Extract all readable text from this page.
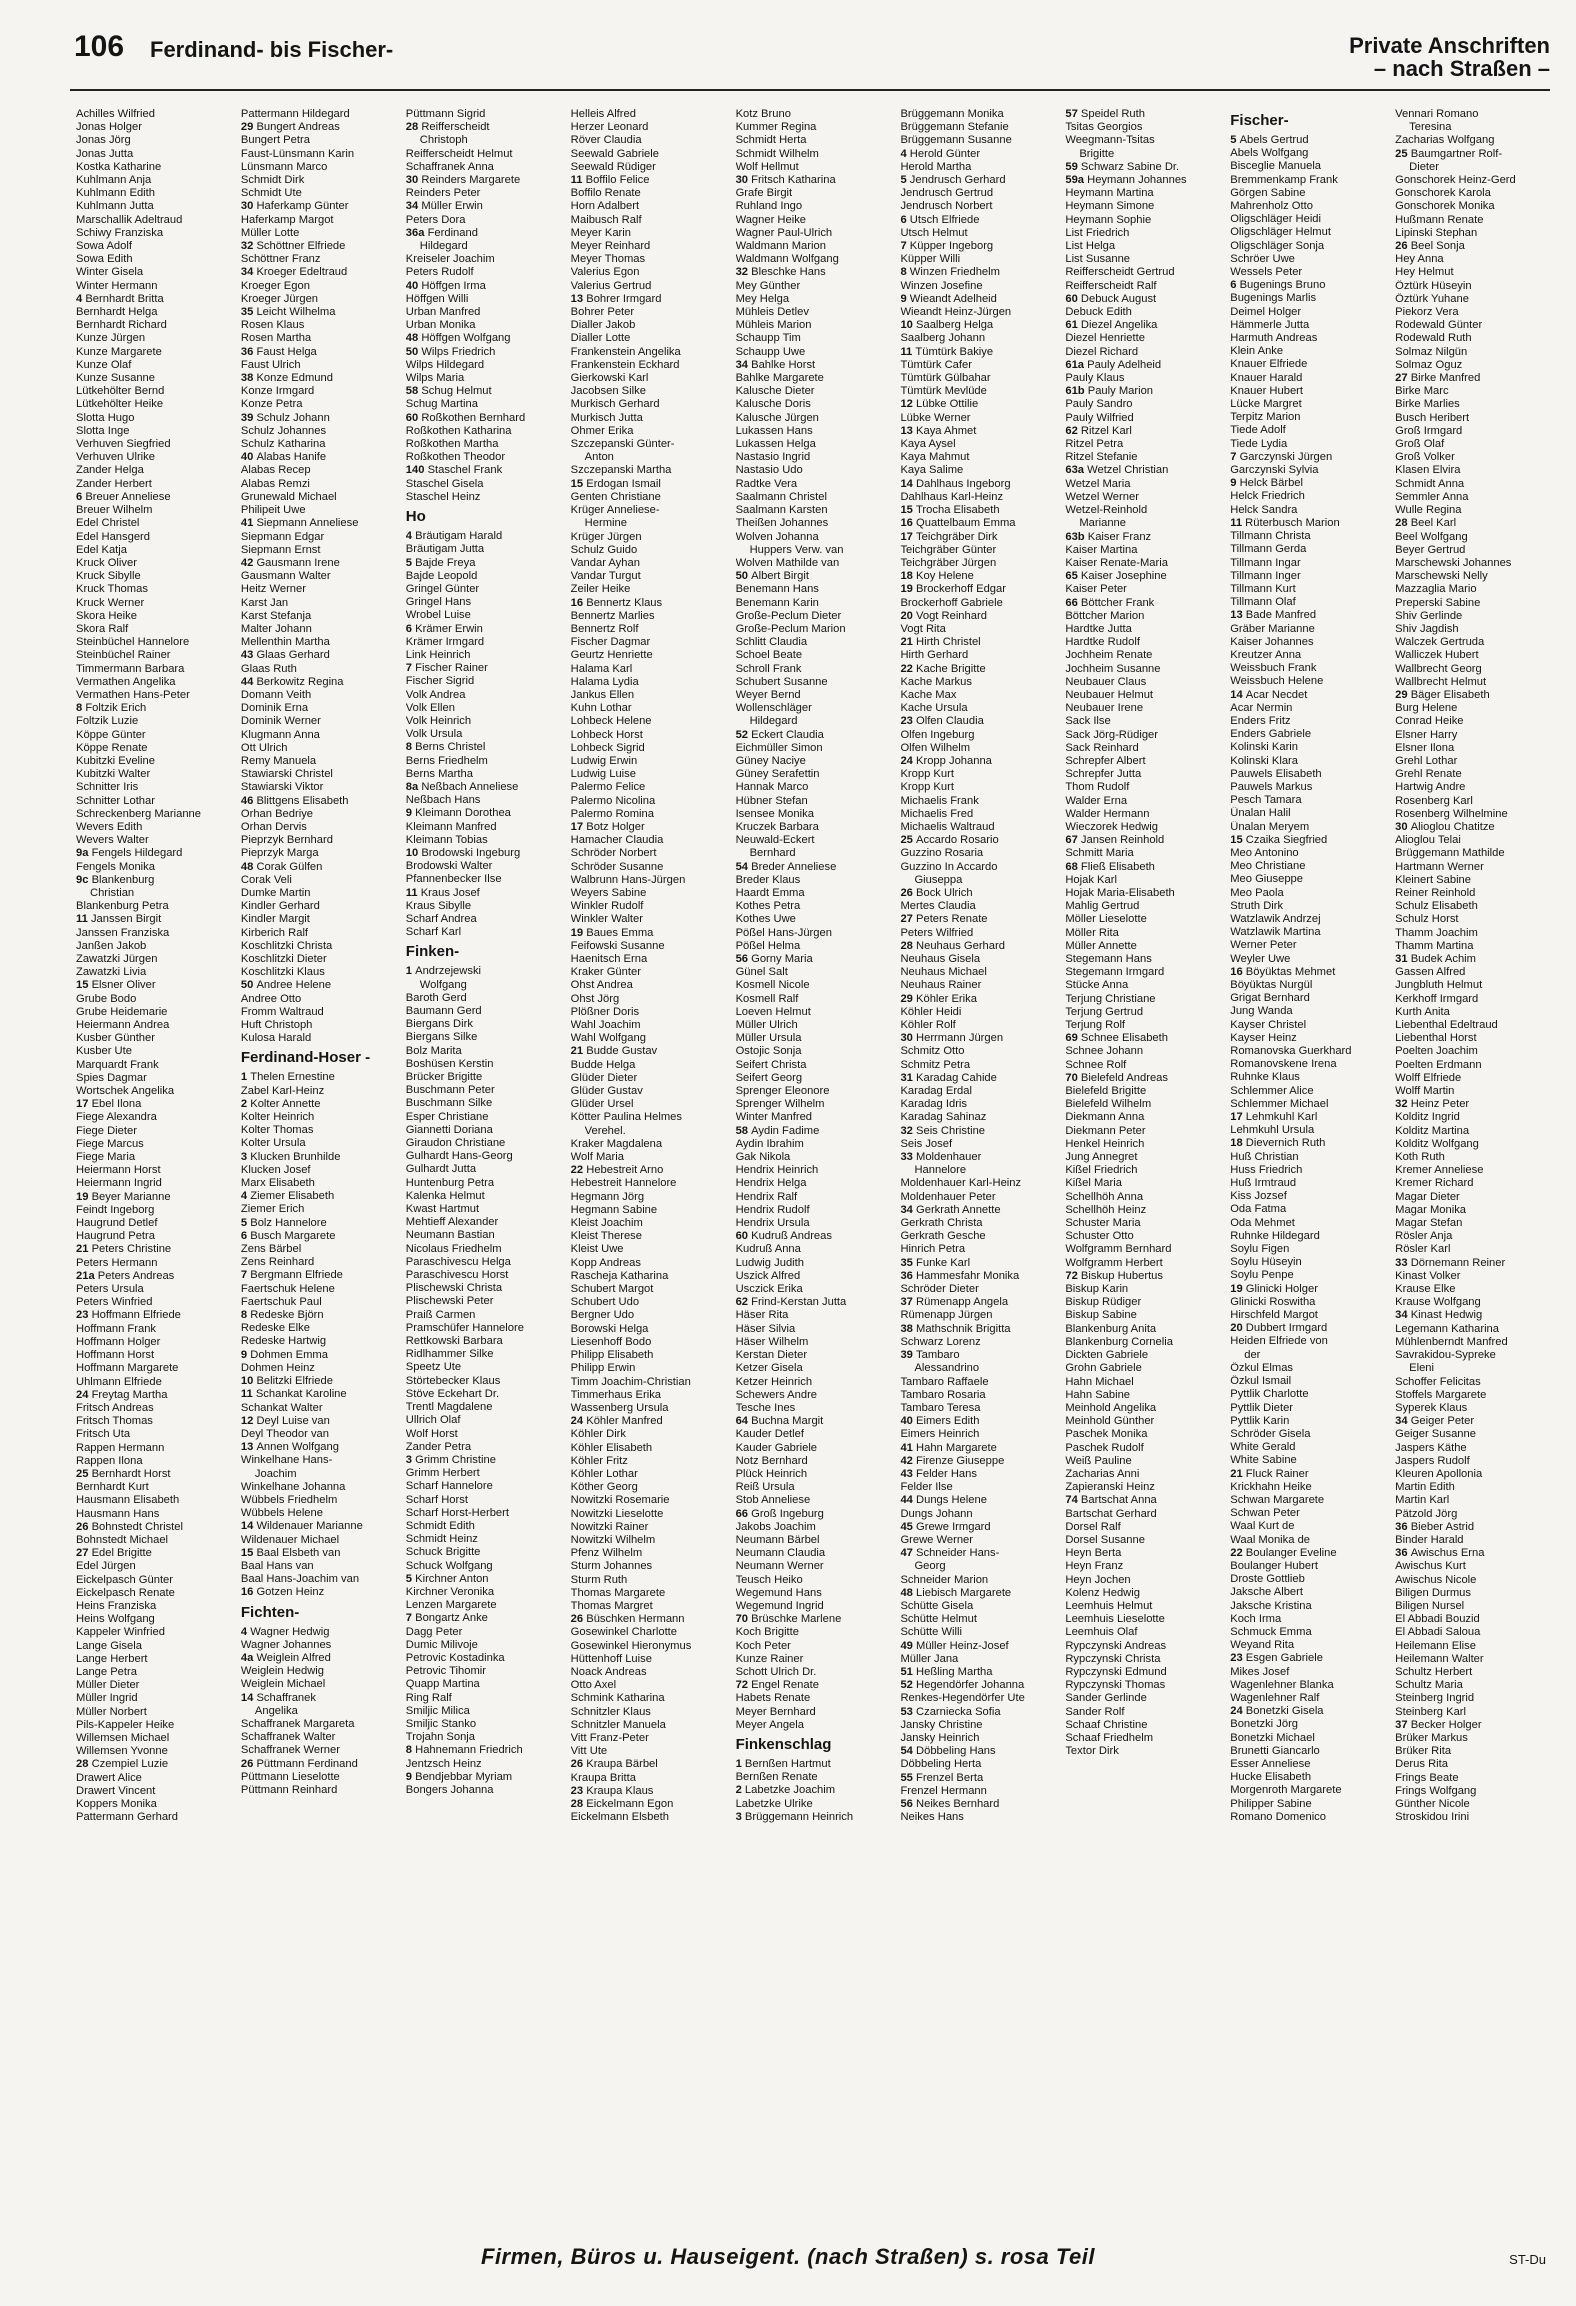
106 Ferdinand- bis Fischer-	Private Anschriften
– nach Straßen –
Achilles Wilfried
Jonas Holger
Jonas Jörg
Jonas Jutta
Kostka Katharine
Kuhlmann Anja
Kuhlmann Edith
Kuhlmann Jutta
Marschallik Adeltraud
Schiwy Franziska
Sowa Adolf
Sowa Edith
Winter Gisela
Winter Hermann
4 Bernhardt Britta
Bernhardt Helga
Bernhardt Richard
Kunze Jürgen
Kunze Margarete
Kunze Olaf
Kunze Susanne
Lütkehölter Bernd
Lütkehölter Heike
Slotta Hugo
Slotta Inge
Verhuven Siegfried
Verhuven Ulrike
Zander Helga
Zander Herbert
6 Breuer Anneliese
Breuer Wilhelm
Edel Christel
Edel Hansgerd
Edel Katja
Kruck Oliver
Kruck Sibylle
Kruck Thomas
Kruck Werner
Skora Heike
Skora Ralf
Steinbüchel Hannelore
Steinbüchel Rainer
Timmermann Barbara
Vermathen Angelika
Vermathen Hans-Peter
8 Foltzik Erich
Foltzik Luzie
Köppe Günter
Köppe Renate
Kubitzki Eveline
Kubitzki Walter
Schnitter Iris
Schnitter Lothar
Schreckenberg Marianne
Wevers Edith
Wevers Walter
9a Fengels Hildegard
Fengels Monika
9c Blankenburg
Christian
Blankenburg Petra
11 Janssen Birgit
Janssen Franziska
Janßen Jakob
Zawatzki Jürgen
Zawatzki Livia
15 Elsner Oliver
Grube Bodo
Grube Heidemarie
Heiermann Andrea
Kusber Günther
Kusber Ute
Marquardt Frank
Spies Dagmar
Wortschek Angelika
17 Ebel Ilona
Fiege Alexandra
Fiege Dieter
Fiege Marcus
Fiege Maria
Heiermann Horst
Heiermann Ingrid
19 Beyer Marianne
Feindt Ingeborg
Haugrund Detlef
Haugrund Petra
21 Peters Christine
Peters Hermann
21a Peters Andreas
Peters Ursula
Peters Winfried
23 Hoffmann Elfriede
Hoffmann Frank
Hoffmann Holger
Hoffmann Horst
Hoffmann Margarete
Uhlmann Elfriede
24 Freytag Martha
Fritsch Andreas
Fritsch Thomas
Fritsch Uta
Rappen Hermann
Rappen Ilona
25 Bernhardt Horst
Bernhardt Kurt
Hausmann Elisabeth
Hausmann Hans
26 Bohnstedt Christel
Bohnstedt Michael
27 Edel Brigitte
Edel Jürgen
Eickelpasch Günter
Eickelpasch Renate
Heins Franziska
Heins Wolfgang
Kappeler Winfried
Lange Gisela
Lange Herbert
Lange Petra
Müller Dieter
Müller Ingrid
Müller Norbert
Pils-Kappeler Heike
Willemsen Michael
Willemsen Yvonne
28 Czempiel Luzie
Drawert Alice
Drawert Vincent
Koppers Monika
Pattermann Gerhard
Pattermann Hildegard
29 Bungert Andreas
Bungert Petra
Faust-Lünsmann Karin
Lünsmann Marco
Schmidt Dirk
Schmidt Ute
30 Haferkamp Günter
Haferkamp Margot
Müller Lotte
32 Schöttner Elfriede
Schöttner Franz
34 Kroeger Edeltraud
Kroeger Egon
Kroeger Jürgen
35 Leicht Wilhelma
Rosen Klaus
Rosen Martha
36 Faust Helga
Faust Ulrich
38 Konze Edmund
Konze Irmgard
Konze Petra
39 Schulz Johann
Schulz Johannes
Schulz Katharina
40 Alabas Hanife
Alabas Recep
Alabas Remzi
Grunewald Michael
Philipeit Uwe
41 Siepmann Anneliese
Siepmann Edgar
Siepmann Ernst
42 Gausmann Irene
Gausmann Walter
Heitz Werner
Karst Jan
Karst Stefanja
Malter Johann
Mellenthin Martha
43 Glaas Gerhard
Glaas Ruth
44 Berkowitz Regina
Domann Veith
Dominik Erna
Dominik Werner
Klugmann Anna
Ott Ulrich
Remy Manuela
Stawiarski Christel
Stawiarski Viktor
46 Blittgens Elisabeth
Orhan Bedriye
Orhan Dervis
Pieprzyk Bernhard
Pieprzyk Marga
48 Corak Gülfen
Corak Veli
Dumke Martin
Kindler Gerhard
Kindler Margit
Kirberich Ralf
Koschlitzki Christa
Koschlitzki Dieter
Koschlitzki Klaus
50 Andree Helene
Andree Otto
Fromm Waltraud
Huft Christoph
Kulosa Harald
Ferdinand-Hoser -
1 Thelen Ernestine
Zabel Karl-Heinz
2 Kolter Annette
Kolter Heinrich
Kolter Thomas
Kolter Ursula
3 Klucken Brunhilde
Klucken Josef
Marx Elisabeth
4 Ziemer Elisabeth
Ziemer Erich
5 Bolz Hannelore
6 Busch Margarete
Zens Bärbel
Zens Reinhard
7 Bergmann Elfriede
Faertschuk Helene
Faertschuk Paul
8 Redeske Björn
Redeske Elke
Redeske Hartwig
9 Dohmen Emma
Dohmen Heinz
10 Belitzki Elfriede
11 Schankat Karoline
Schankat Walter
12 Deyl Luise van
Deyl Theodor van
13 Annen Wolfgang
Winkelhane Hans-
Joachim
Winkelhane Johanna
Wübbels Friedhelm
Wübbels Helene
14 Wildenauer Marianne
Wildenauer Michael
15 Baal Elsbeth van
Baal Hans van
Baal Hans-Joachim van
16 Gotzen Heinz
Fichten-
4 Wagner Hedwig
Wagner Johannes
4a Weiglein Alfred
Weiglein Hedwig
Weiglein Michael
14 Schaffranek
Angelika
Schaffranek Margareta
Schaffranek Walter
Schaffranek Werner
26 Püttmann Ferdinand
Püttmann Lieselotte
Püttmann Reinhard
Püttmann Sigrid
28 Reifferscheidt
Christoph
Reifferscheidt Helmut
Schaffranek Anna
30 Reinders Margarete
Reinders Peter
34 Müller Erwin
Peters Dora
36a Ferdinand
Hildegard
Kreiseler Joachim
Peters Rudolf
40 Höffgen Irma
Höffgen Willi
Urban Manfred
Urban Monika
48 Höffgen Wolfgang
50 Wilps Friedrich
Wilps Hildegard
Wilps Maria
58 Schug Helmut
Schug Martina
60 Roßkothen Bernhard
Roßkothen Katharina
Roßkothen Martha
Roßkothen Theodor
140 Staschel Frank
Staschel Gisela
Staschel Heinz
Ho
4 Bräutigam Harald
Bräutigam Jutta
5 Bajde Freya
Bajde Leopold
Gringel Günter
Gringel Hans
Wrobel Luise
6 Krämer Erwin
Krämer Irmgard
Link Heinrich
7 Fischer Rainer
Fischer Sigrid
Volk Andrea
Volk Ellen
Volk Heinrich
Volk Ursula
8 Berns Christel
Berns Friedhelm
Berns Martha
8a Neßbach Anneliese
Neßbach Hans
9 Kleimann Dorothea
Kleimann Manfred
Kleimann Tobias
10 Brodowski Ingeburg
Brodowski Walter
Pfannenbecker Ilse
11 Kraus Josef
Kraus Sibylle
Scharf Andrea
Scharf Karl
Finken-
1 Andrzejewski
Wolfgang
Baroth Gerd
Baumann Gerd
Biergans Dirk
Biergans Silke
Bolz Marita
Boshüsen Kerstin
Brücker Brigitte
Buschmann Peter
Buschmann Silke
Esper Christiane
Giannetti Doriana
Giraudon Christiane
Gulhardt Hans-Georg
Gulhardt Jutta
Huntenburg Petra
Kalenka Helmut
Kwast Hartmut
Mehtieff Alexander
Neumann Bastian
Nicolaus Friedhelm
Paraschivescu Helga
Paraschivescu Horst
Plischewski Christa
Plischewski Peter
Praiß Carmen
Pramschüfer Hannelore
Rettkowski Barbara
Ridlhammer Silke
Speetz Ute
Störtebecker Klaus
Stöve Eckehart Dr.
Trentl Magdalene
Ullrich Olaf
Wolf Horst
Zander Petra
3 Grimm Christine
Grimm Herbert
Scharf Hannelore
Scharf Horst
Scharf Horst-Herbert
Schmidt Edith
Schmidt Heinz
Schuck Brigitte
Schuck Wolfgang
5 Kirchner Anton
Kirchner Veronika
Lenzen Margarete
7 Bongartz Anke
Dagg Peter
Dumic Milivoje
Petrovic Kostadinka
Petrovic Tihomir
Quapp Martina
Ring Ralf
Smiljic Milica
Smiljic Stanko
Trojahn Sonja
8 Hahnemann Friedrich
Jentzsch Heinz
9 Bendjebbar Myriam
Bongers Johanna
Helleis Alfred
Herzer Leonard
Röver Claudia
Seewald Gabriele
Seewald Rüdiger
11 Boffilo Felice
Boffilo Renate
Horn Adalbert
Maibusch Ralf
Meyer Karin
Meyer Reinhard
Meyer Thomas
Valerius Egon
Valerius Gertrud
13 Bohrer Irmgard
Bohrer Peter
Dialler Jakob
Dialler Lotte
Frankenstein Angelika
Frankenstein Eckhard
Gierkowski Karl
Jacobsen Silke
Murkisch Gerhard
Murkisch Jutta
Ohmer Erika
Szczepanski Günter-
Anton
Szczepanski Martha
15 Erdogan Ismail
Genten Christiane
Krüger Anneliese-
Hermine
Krüger Jürgen
Schulz Guido
Vandar Ayhan
Vandar Turgut
Zeiler Heike
16 Bennertz Klaus
Bennertz Marlies
Bennertz Rolf
Fischer Dagmar
Geurtz Henriette
Halama Karl
Halama Lydia
Jankus Ellen
Kuhn Lothar
Lohbeck Helene
Lohbeck Horst
Lohbeck Sigrid
Ludwig Erwin
Ludwig Luise
Palermo Felice
Palermo Nicolina
Palermo Romina
17 Botz Holger
Hamacher Claudia
Schröder Norbert
Schröder Susanne
Walbrunn Hans-Jürgen
Weyers Sabine
Winkler Rudolf
Winkler Walter
19 Baues Emma
Feifowski Susanne
Haenitsch Erna
Kraker Günter
Ohst Andrea
Ohst Jörg
Plößner Doris
Wahl Joachim
Wahl Wolfgang
21 Budde Gustav
Budde Helga
Glüder Dieter
Glüder Gustav
Glüder Ursel
Kötter Paulina Helmes
Verehel.
Kraker Magdalena
Wolf Maria
22 Hebestreit Arno
Hebestreit Hannelore
Hegmann Jörg
Hegmann Sabine
Kleist Joachim
Kleist Therese
Kleist Uwe
Kopp Andreas
Rascheja Katharina
Schubert Margot
Schubert Udo
Bergner Udo
Borowski Helga
Liesenhoff Bodo
Philipp Elisabeth
Philipp Erwin
Timm Joachim-Christian
Timmerhaus Erika
Wassenberg Ursula
24 Köhler Manfred
Köhler Dirk
Köhler Elisabeth
Köhler Fritz
Köhler Lothar
Köther Georg
Nowitzki Rosemarie
Nowitzki Lieselotte
Nowitzki Rainer
Nowitzki Wilhelm
Pfenz Wilhelm
Sturm Johannes
Sturm Ruth
Thomas Margarete
Thomas Margret
26 Büschken Hermann
Gosewinkel Charlotte
Gosewinkel Hieronymus
Hüttenhoff Luise
Noack Andreas
Otto Axel
Schmink Katharina
Schnitzler Klaus
Schnitzler Manuela
Vitt Franz-Peter
Vitt Ute
26 Kraupa Bärbel
Kraupa Britta
23 Kraupa Klaus
28 Eickelmann Egon
Eickelmann Elsbeth
Kotz Bruno
Kummer Regina
Schmidt Herta
Schmidt Wilhelm
Wolf Hellmut
30 Fritsch Katharina
Grafe Birgit
Ruhland Ingo
Wagner Heike
Wagner Paul-Ulrich
Waldmann Marion
Waldmann Wolfgang
32 Bleschke Hans
Mey Günther
Mey Helga
Mühleis Detlev
Mühleis Marion
Schaupp Tim
Schaupp Uwe
34 Bahlke Horst
Bahlke Margarete
Kalusche Dieter
Kalusche Doris
Kalusche Jürgen
Lukassen Hans
Lukassen Helga
Nastasio Ingrid
Nastasio Udo
Radtke Vera
Saalmann Christel
Saalmann Karsten
Theißen Johannes
Wolven Johanna
Huppers Verw. van
Wolven Mathilde van
50 Albert Birgit
Benemann Hans
Benemann Karin
Große-Peclum Dieter
Große-Peclum Marion
Schlitt Claudia
Schoel Beate
Schroll Frank
Schubert Susanne
Weyer Bernd
Wollenschläger
Hildegard
52 Eckert Claudia
Eichmüller Simon
Güney Naciye
Güney Serafettin
Hannak Marco
Hübner Stefan
Isensee Monika
Kruczek Barbara
Neuwald-Eckert
Bernhard
54 Breder Anneliese
Breder Klaus
Haardt Emma
Kothes Petra
Kothes Uwe
Pößel Hans-Jürgen
Pößel Helma
56 Gorny Maria
Günel Salt
Kosmell Nicole
Kosmell Ralf
Loeven Helmut
Müller Ulrich
Müller Ursula
Ostojic Sonja
Seifert Christa
Seifert Georg
Sprenger Eleonore
Sprenger Wilhelm
Winter Manfred
58 Aydin Fadime
Aydin Ibrahim
Gak Nikola
Hendrix Heinrich
Hendrix Helga
Hendrix Ralf
Hendrix Rudolf
Hendrix Ursula
60 Kudruß Andreas
Kudruß Anna
Ludwig Judith
Uszick Alfred
Usczick Erika
62 Frind-Kerstan Jutta
Häser Rita
Häser Silvia
Häser Wilhelm
Kerstan Dieter
Ketzer Gisela
Ketzer Heinrich
Schewers Andre
Tesche Ines
64 Buchna Margit
Kauder Detlef
Kauder Gabriele
Notz Bernhard
Plück Heinrich
Reiß Ursula
Stob Anneliese
66 Groß Ingeburg
Jakobs Joachim
Neumann Bärbel
Neumann Claudia
Neumann Werner
Teusch Heiko
Wegemund Hans
Wegemund Ingrid
70 Brüschke Marlene
Koch Brigitte
Koch Peter
Kunze Rainer
Schott Ulrich Dr.
72 Engel Renate
Habets Renate
Meyer Bernhard
Meyer Angela
Finkenschlag
1 Bernßen Hartmut
Bernßen Renate
2 Labetzke Joachim
Labetzke Ulrike
3 Brüggemann Heinrich
Brüggemann Monika
Brüggemann Stefanie
Brüggemann Susanne
4 Herold Günter
Herold Martha
5 Jendrusch Gerhard
Jendrusch Gertrud
Jendrusch Norbert
6 Utsch Elfriede
Utsch Helmut
7 Küpper Ingeborg
Küpper Willi
8 Winzen Friedhelm
Winzen Josefine
9 Wieandt Adelheid
Wieandt Heinz-Jürgen
10 Saalberg Helga
Saalberg Johann
11 Tümtürk Bakiye
Tümtürk Cafer
Tümtürk Gülbahar
Tümtürk Mevlüde
12 Lübke Ottilie
Lübke Werner
13 Kaya Ahmet
Kaya Aysel
Kaya Mahmut
Kaya Salime
14 Dahlhaus Ingeborg
Dahlhaus Karl-Heinz
15 Trocha Elisabeth
16 Quattelbaum Emma
17 Teichgräber Dirk
Teichgräber Günter
Teichgräber Jürgen
18 Koy Helene
19 Brockerhoff Edgar
Brockerhoff Gabriele
20 Vogt Reinhard
Vogt Rita
21 Hirth Christel
Hirth Gerhard
22 Kache Brigitte
Kache Markus
Kache Max
Kache Ursula
23 Olfen Claudia
Olfen Ingeburg
Olfen Wilhelm
24 Kropp Johanna
Kropp Kurt
Kropp Kurt
Michaelis Frank
Michaelis Fred
Michaelis Waltraud
25 Accardo Rosario
Guzzino Rosaria
Guzzino In Accardo
Giuseppa
26 Bock Ulrich
Mertes Claudia
27 Peters Renate
Peters Wilfried
28 Neuhaus Gerhard
Neuhaus Gisela
Neuhaus Michael
Neuhaus Rainer
29 Köhler Erika
Köhler Heidi
Köhler Rolf
30 Herrmann Jürgen
Schmitz Otto
Schmitz Petra
31 Karadag Cahide
Karadag Erdal
Karadag Idris
Karadag Sahinaz
32 Seis Christine
Seis Josef
33 Moldenhauer
Hannelore
Moldenhauer Karl-Heinz
Moldenhauer Peter
34 Gerkrath Annette
Gerkrath Christa
Gerkrath Gesche
Hinrich Petra
35 Funke Karl
36 Hammesfahr Monika
Schröder Dieter
37 Rümenapp Angela
Rümenapp Jürgen
38 Mathschnik Brigitta
Schwarz Lorenz
39 Tambaro
Alessandrino
Tambaro Raffaele
Tambaro Rosaria
Tambaro Teresa
40 Eimers Edith
Eimers Heinrich
41 Hahn Margarete
42 Firenze Giuseppe
43 Felder Hans
Felder Ilse
44 Dungs Helene
Dungs Johann
45 Grewe Irmgard
Grewe Werner
47 Schneider Hans-
Georg
Schneider Marion
48 Liebisch Margarete
Schütte Gisela
Schütte Helmut
Schütte Willi
49 Müller Heinz-Josef
Müller Jana
51 Heßling Martha
52 Hegendörfer Johanna
Renkes-Hegendörfer Ute
53 Czarniecka Sofia
Jansky Christine
Jansky Heinrich
54 Döbbeling Hans
Döbbeling Herta
55 Frenzel Berta
Frenzel Hermann
56 Neikes Bernhard
Neikes Hans
57 Speidel Ruth
Tsitas Georgios
Weegmann-Tsitas
Brigitte
59 Schwarz Sabine Dr.
59a Heymann Johannes
Heymann Martina
Heymann Simone
Heymann Sophie
List Friedrich
List Helga
List Susanne
Reifferscheidt Gertrud
Reifferscheidt Ralf
60 Debuck August
Debuck Edith
61 Diezel Angelika
Diezel Henriette
Diezel Richard
61a Pauly Adelheid
Pauly Klaus
61b Pauly Marion
Pauly Sandro
Pauly Wilfried
62 Ritzel Karl
Ritzel Petra
Ritzel Stefanie
63a Wetzel Christian
Wetzel Maria
Wetzel Werner
Wetzel-Reinhold
Marianne
63b Kaiser Franz
Kaiser Martina
Kaiser Renate-Maria
65 Kaiser Josephine
Kaiser Peter
66 Böttcher Frank
Böttcher Marion
Hardtke Jutta
Hardtke Rudolf
Jochheim Renate
Jochheim Susanne
Neubauer Claus
Neubauer Helmut
Neubauer Irene
Sack Ilse
Sack Jörg-Rüdiger
Sack Reinhard
Schrepfer Albert
Schrepfer Jutta
Thom Rudolf
Walder Erna
Walder Hermann
Wieczorek Hedwig
67 Jansen Reinhold
Schmitt Maria
68 Fließ Elisabeth
Hojak Karl
Hojak Maria-Elisabeth
Mahlig Gertrud
Möller Lieselotte
Möller Rita
Müller Annette
Stegemann Hans
Stegemann Irmgard
Stücke Anna
Terjung Christiane
Terjung Gertrud
Terjung Rolf
69 Schnee Elisabeth
Schnee Johann
Schnee Rolf
70 Bielefeld Andreas
Bielefeld Brigitte
Bielefeld Wilhelm
Diekmann Anna
Diekmann Peter
Henkel Heinrich
Jung Annegret
Kißel Friedrich
Kißel Maria
Schellhöh Anna
Schellhöh Heinz
Schuster Maria
Schuster Otto
Wolfgramm Bernhard
Wolfgramm Herbert
72 Biskup Hubertus
Biskup Karin
Biskup Rüdiger
Biskup Sabine
Blankenburg Anita
Blankenburg Cornelia
Dickten Gabriele
Grohn Gabriele
Hahn Michael
Hahn Sabine
Meinhold Angelika
Meinhold Günther
Paschek Monika
Paschek Rudolf
Weiß Pauline
Zacharias Anni
Zapieranski Heinz
74 Bartschat Anna
Bartschat Gerhard
Dorsel Ralf
Dorsel Susanne
Heyn Berta
Heyn Franz
Heyn Jochen
Kolenz Hedwig
Leemhuis Helmut
Leemhuis Lieselotte
Leemhuis Olaf
Rypczynski Andreas
Rypczynski Christa
Rypczynski Edmund
Rypczynski Thomas
Sander Gerlinde
Sander Rolf
Schaaf Christine
Schaaf Friedhelm
Textor Dirk
Fischer-
5 Abels Gertrud
Abels Wolfgang
Bisceglie Manuela
Bremmenkamp Frank
Görgen Sabine
Mahrenholz Otto
Oligschläger Heidi
Oligschläger Helmut
Oligschläger Sonja
Schröer Uwe
Wessels Peter
6 Bugenings Bruno
Bugenings Marlis
Deimel Holger
Hämmerle Jutta
Harmuth Andreas
Klein Anke
Knauer Elfriede
Knauer Harald
Knauer Hubert
Lücke Margret
Terpitz Marion
Tiede Adolf
Tiede Lydia
7 Garczynski Jürgen
Garczynski Sylvia
9 Helck Bärbel
Helck Friedrich
Helck Sandra
11 Rüterbusch Marion
Tillmann Christa
Tillmann Gerda
Tillmann Ingar
Tillmann Inger
Tillmann Kurt
Tillmann Olaf
13 Bade Manfred
Gräber Marianne
Kaiser Johannes
Kreutzer Anna
Weissbuch Frank
Weissbuch Helene
14 Acar Necdet
Acar Nermin
Enders Fritz
Enders Gabriele
Kolinski Karin
Kolinski Klara
Pauwels Elisabeth
Pauwels Markus
Pesch Tamara
Ünalan Halil
Ünalan Meryem
15 Czaika Siegfried
Meo Antonino
Meo Christiane
Meo Giuseppe
Meo Paola
Struth Dirk
Watzlawik Andrzej
Watzlawik Martina
Werner Peter
Weyler Uwe
16 Böyüktas Mehmet
Böyüktas Nurgül
Grigat Bernhard
Jung Wanda
Kayser Christel
Kayser Heinz
Romanovska Guerkhard
Romanovskene Irena
Ruhnke Klaus
Schlemmer Alice
Schlemmer Michael
17 Lehmkuhl Karl
Lehmkuhl Ursula
18 Dievernich Ruth
Huß Christian
Huss Friedrich
Huß Irmtraud
Kiss Jozsef
Oda Fatma
Oda Mehmet
Ruhnke Hildegard
Soylu Figen
Soylu Hüseyin
Soylu Penpe
19 Glinicki Holger
Glinicki Roswitha
Hirschfeld Margot
20 Dubbert Irmgard
Heiden Elfriede von
der
Özkul Elmas
Özkul Ismail
Pyttlik Charlotte
Pyttlik Dieter
Pyttlik Karin
Schröder Gisela
White Gerald
White Sabine
21 Fluck Rainer
Krickhahn Heike
Schwan Margarete
Schwan Peter
Waal Kurt de
Waal Monika de
22 Boulanger Eveline
Boulanger Hubert
Droste Gottlieb
Jaksche Albert
Jaksche Kristina
Koch Irma
Schmuck Emma
Weyand Rita
23 Esgen Gabriele
Mikes Josef
Wagenlehner Blanka
Wagenlehner Ralf
24 Bonetzki Gisela
Bonetzki Jörg
Bonetzki Michael
Brunetti Giancarlo
Esser Anneliese
Hucke Elisabeth
Morgenroth Margarete
Philipper Sabine
Romano Domenico
Vennari Romano
Teresina
Zacharias Wolfgang
25 Baumgartner Rolf-
Dieter
Gonschorek Heinz-Gerd
Gonschorek Karola
Gonschorek Monika
Hußmann Renate
Lipinski Stephan
26 Beel Sonja
Hey Anna
Hey Helmut
Öztürk Hüseyin
Öztürk Yuhane
Piekorz Vera
Rodewald Günter
Rodewald Ruth
Solmaz Nilgün
Solmaz Oguz
27 Birke Manfred
Birke Marc
Birke Marlies
Busch Heribert
Groß Irmgard
Groß Olaf
Groß Volker
Klasen Elvira
Schmidt Anna
Semmler Anna
Wulle Regina
28 Beel Karl
Beel Wolfgang
Beyer Gertrud
Marschewski Johannes
Marschewski Nelly
Mazzaglia Mario
Preperski Sabine
Shiv Gerlinde
Shiv Jagdish
Walczek Gertruda
Walliczek Hubert
Wallbrecht Georg
Wallbrecht Helmut
29 Bäger Elisabeth
Burg Helene
Conrad Heike
Elsner Harry
Elsner Ilona
Grehl Lothar
Grehl Renate
Hartwig Andre
Rosenberg Karl
Rosenberg Wilhelmine
30 Alioglou Chatitze
Alioglou Telai
Brüggemann Mathilde
Hartmann Werner
Kleinert Sabine
Reiner Reinhold
Schulz Elisabeth
Schulz Horst
Thamm Joachim
Thamm Martina
31 Budek Achim
Gassen Alfred
Jungbluth Helmut
Kerkhoff Irmgard
Kurth Anita
Liebenthal Edeltraud
Liebenthal Horst
Poelten Joachim
Poelten Erdmann
Wolff Elfriede
Wolff Martin
32 Heinz Peter
Kolditz Ingrid
Kolditz Martina
Kolditz Wolfgang
Koth Ruth
Kremer Anneliese
Kremer Richard
Magar Dieter
Magar Monika
Magar Stefan
Rösler Anja
Rösler Karl
33 Dörnemann Reiner
Kinast Volker
Krause Elke
Krause Wolfgang
34 Kinast Hedwig
Legemann Katharina
Mühlenberndt Manfred
Savrakidou-Sypreke
Eleni
Schoffer Felicitas
Stoffels Margarete
Syperek Klaus
34 Geiger Peter
Geiger Susanne
Jaspers Käthe
Jaspers Rudolf
Kleuren Apollonia
Martin Edith
Martin Karl
Pätzold Jörg
36 Bieber Astrid
Binder Harald
36 Awischus Erna
Awischus Kurt
Awischus Nicole
Biligen Durmus
Biligen Nursel
El Abbadi Bouzid
El Abbadi Saloua
Heilemann Elise
Heilemann Walter
Schultz Herbert
Schultz Maria
Steinberg Ingrid
Steinberg Karl
37 Becker Holger
Brüker Markus
Brüker Rita
Derus Rita
Frings Beate
Frings Wolfgang
Günther Nicole
Stroskidou Irini
Firmen, Büros u. Hauseigent. (nach Straßen) s. rosa Teil	ST-Du
